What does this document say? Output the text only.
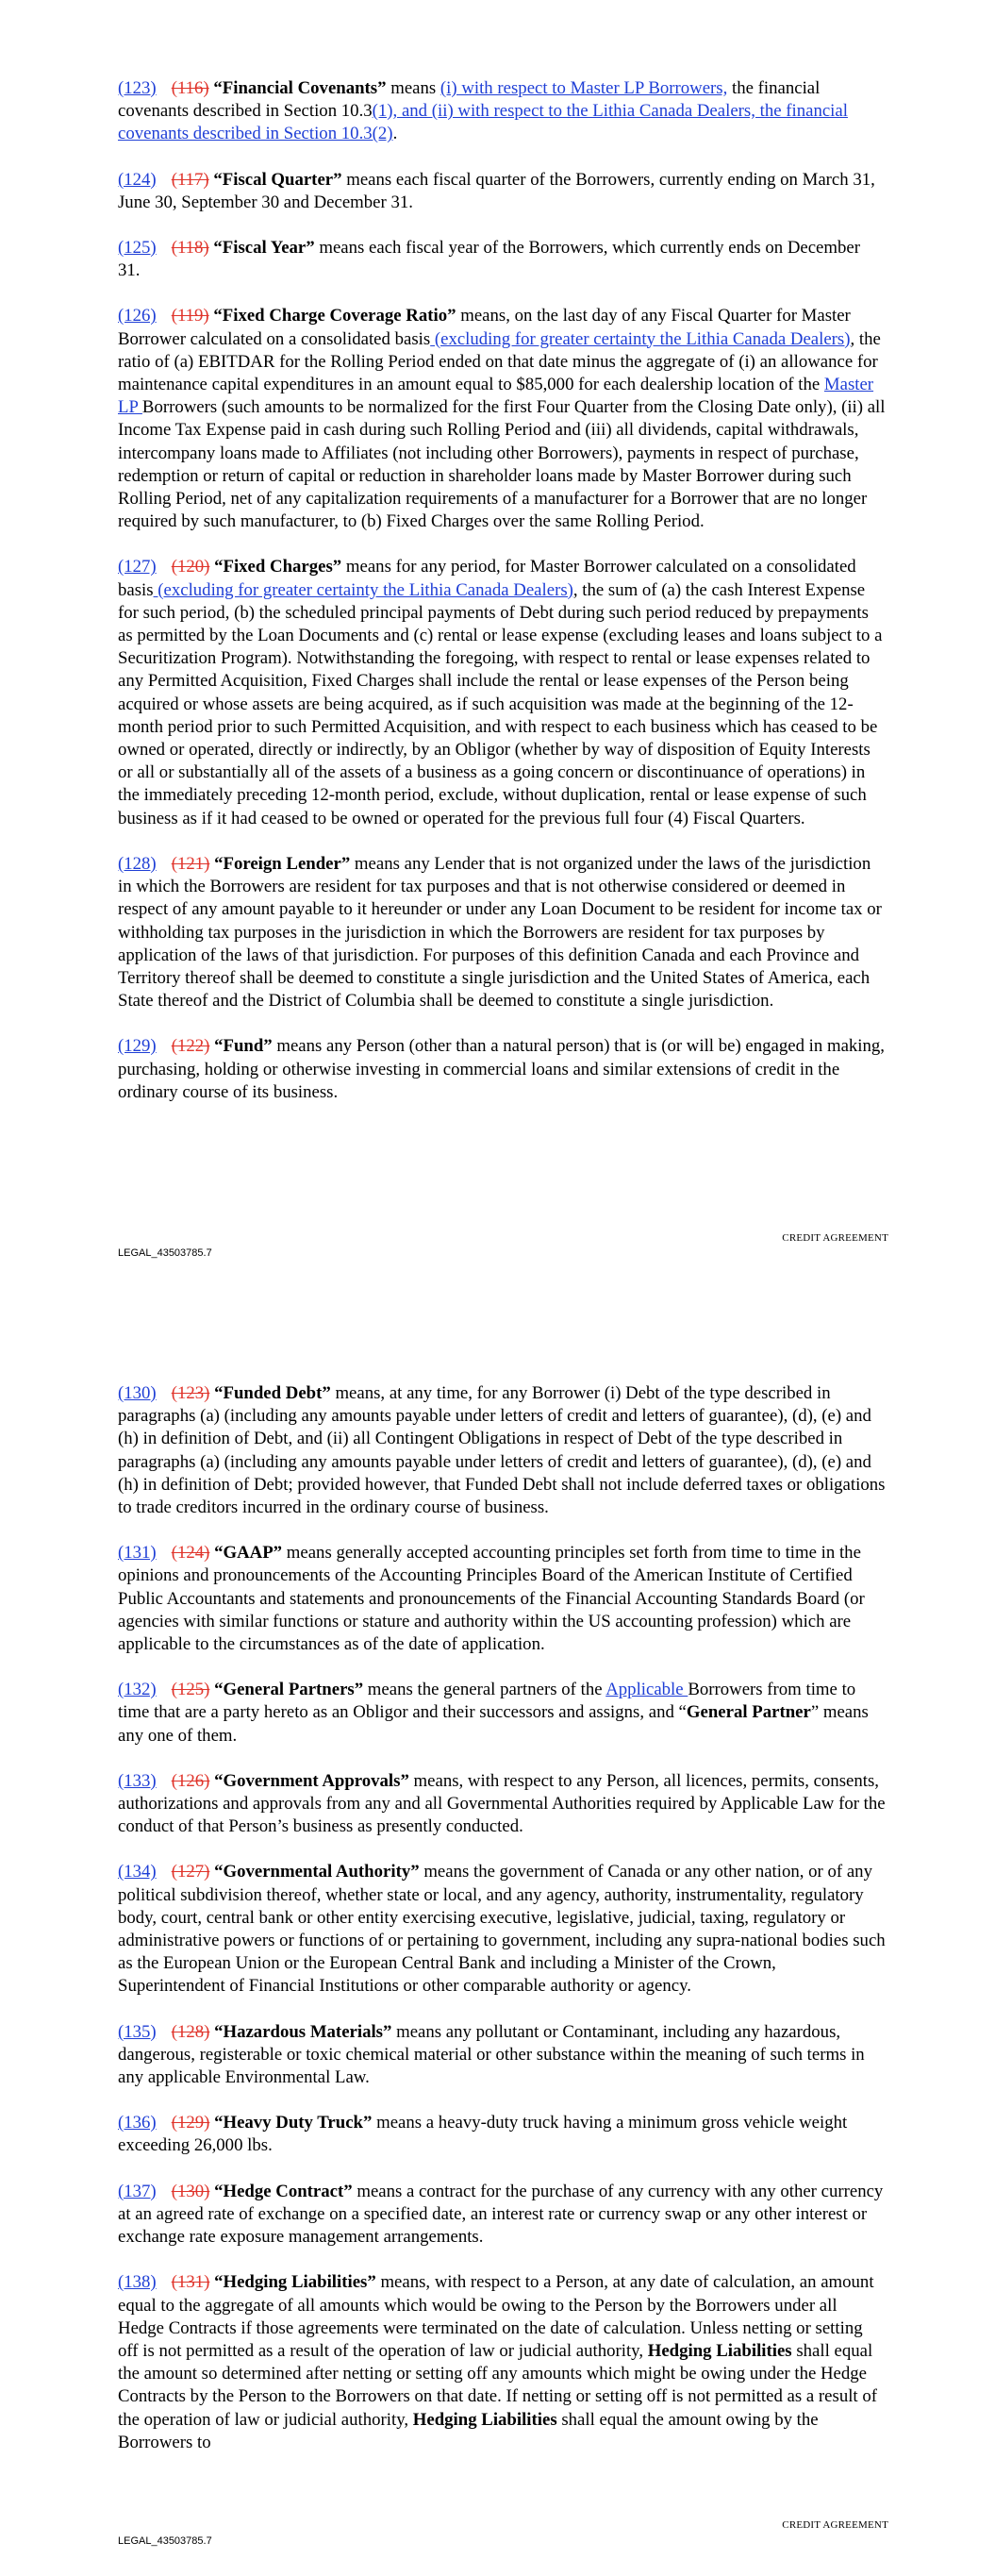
(123) (116) “Financial Covenants” means (i) with respect to Master LP Borrowers, the financial covenants described in Section 10.3(1), and (ii) with respect to the Lithia Canada Dealers, the financial covenants described in Section 10.3(2).

(124) (117) “Fiscal Quarter” means each fiscal quarter of the Borrowers, currently ending on March 31, June 30, September 30 and December 31.

(125) (118) “Fiscal Year” means each fiscal year of the Borrowers, which currently ends on December 31.

(126) (119) “Fixed Charge Coverage Ratio” means, on the last day of any Fiscal Quarter for Master Borrower calculated on a consolidated basis (excluding for greater certainty the Lithia Canada Dealers), the ratio of (a) EBITDAR for the Rolling Period ended on that date minus the aggregate of (i) an allowance for maintenance capital expenditures in an amount equal to $85,000 for each dealership location of the Master LP Borrowers (such amounts to be normalized for the first Four Quarter from the Closing Date only), (ii) all Income Tax Expense paid in cash during such Rolling Period and (iii) all dividends, capital withdrawals, intercompany loans made to Affiliates (not including other Borrowers), payments in respect of purchase, redemption or return of capital or reduction in shareholder loans made by Master Borrower during such Rolling Period, net of any capitalization requirements of a manufacturer for a Borrower that are no longer required by such manufacturer, to (b) Fixed Charges over the same Rolling Period.

(127) (120) “Fixed Charges” means for any period, for Master Borrower calculated on a consolidated basis (excluding for greater certainty the Lithia Canada Dealers), the sum of (a) the cash Interest Expense for such period, (b) the scheduled principal payments of Debt during such period reduced by prepayments as permitted by the Loan Documents and (c) rental or lease expense (excluding leases and loans subject to a Securitization Program). Notwithstanding the foregoing, with respect to rental or lease expenses related to any Permitted Acquisition, Fixed Charges shall include the rental or lease expenses of the Person being acquired or whose assets are being acquired, as if such acquisition was made at the beginning of the 12-month period prior to such Permitted Acquisition, and with respect to each business which has ceased to be owned or operated, directly or indirectly, by an Obligor (whether by way of disposition of Equity Interests or all or substantially all of the assets of a business as a going concern or discontinuance of operations) in the immediately preceding 12-month period, exclude, without duplication, rental or lease expense of such business as if it had ceased to be owned or operated for the previous full four (4) Fiscal Quarters.

(128) (121) “Foreign Lender” means any Lender that is not organized under the laws of the jurisdiction in which the Borrowers are resident for tax purposes and that is not otherwise considered or deemed in respect of any amount payable to it hereunder or under any Loan Document to be resident for income tax or withholding tax purposes in the jurisdiction in which the Borrowers are resident for tax purposes by application of the laws of that jurisdiction. For purposes of this definition Canada and each Province and Territory thereof shall be deemed to constitute a single jurisdiction and the United States of America, each State thereof and the District of Columbia shall be deemed to constitute a single jurisdiction.

(129) (122) “Fund” means any Person (other than a natural person) that is (or will be) engaged in making, purchasing, holding or otherwise investing in commercial loans and similar extensions of credit in the ordinary course of its business.

CREDIT AGREEMENT
LEGAL_43503785.7

(130) (123) “Funded Debt” means, at any time, for any Borrower (i) Debt of the type described in paragraphs (a) (including any amounts payable under letters of credit and letters of guarantee), (d), (e) and (h) in definition of Debt, and (ii) all Contingent Obligations in respect of Debt of the type described in paragraphs (a) (including any amounts payable under letters of credit and letters of guarantee), (d), (e) and (h) in definition of Debt; provided however, that Funded Debt shall not include deferred taxes or obligations to trade creditors incurred in the ordinary course of business.

(131) (124) “GAAP” means generally accepted accounting principles set forth from time to time in the opinions and pronouncements of the Accounting Principles Board of the American Institute of Certified Public Accountants and statements and pronouncements of the Financial Accounting Standards Board (or agencies with similar functions or stature and authority within the US accounting profession) which are applicable to the circumstances as of the date of application.

(132) (125) “General Partners” means the general partners of the Applicable Borrowers from time to time that are a party hereto as an Obligor and their successors and assigns, and “General Partner” means any one of them.

(133) (126) “Government Approvals” means, with respect to any Person, all licences, permits, consents, authorizations and approvals from any and all Governmental Authorities required by Applicable Law for the conduct of that Person’s business as presently conducted.

(134) (127) “Governmental Authority” means the government of Canada or any other nation, or of any political subdivision thereof, whether state or local, and any agency, authority, instrumentality, regulatory body, court, central bank or other entity exercising executive, legislative, judicial, taxing, regulatory or administrative powers or functions of or pertaining to government, including any supra-national bodies such as the European Union or the European Central Bank and including a Minister of the Crown, Superintendent of Financial Institutions or other comparable authority or agency.

(135) (128) “Hazardous Materials” means any pollutant or Contaminant, including any hazardous, dangerous, registerable or toxic chemical material or other substance within the meaning of such terms in any applicable Environmental Law.

(136) (129) “Heavy Duty Truck” means a heavy-duty truck having a minimum gross vehicle weight exceeding 26,000 lbs.

(137) (130) “Hedge Contract” means a contract for the purchase of any currency with any other currency at an agreed rate of exchange on a specified date, an interest rate or currency swap or any other interest or exchange rate exposure management arrangements.

(138) (131) “Hedging Liabilities” means, with respect to a Person, at any date of calculation, an amount equal to the aggregate of all amounts which would be owing to the Person by the Borrowers under all Hedge Contracts if those agreements were terminated on the date of calculation. Unless netting or setting off is not permitted as a result of the operation of law or judicial authority, Hedging Liabilities shall equal the amount so determined after netting or setting off any amounts which might be owing under the Hedge Contracts by the Person to the Borrowers on that date. If netting or setting off is not permitted as a result of the operation of law or judicial authority, Hedging Liabilities shall equal the amount owing by the Borrowers to

CREDIT AGREEMENT
LEGAL_43503785.7
